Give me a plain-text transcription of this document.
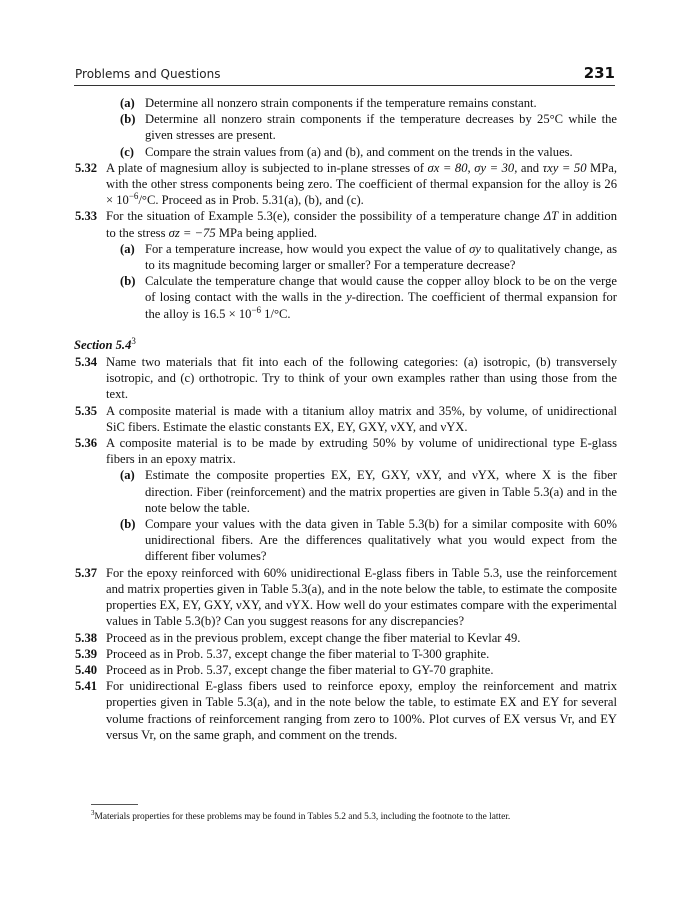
Problems and Questions	231
(a) Determine all nonzero strain components if the temperature remains constant.
(b) Determine all nonzero strain components if the temperature decreases by 25°C while the given stresses are present.
(c) Compare the strain values from (a) and (b), and comment on the trends in the values.
5.32 A plate of magnesium alloy is subjected to in-plane stresses of σx = 80, σy = 30, and τxy = 50 MPa, with the other stress components being zero. The coefficient of thermal expansion for the alloy is $26 \times 10^{-6}/^\circ C$. Proceed as in Prob. 5.31(a), (b), and (c).
5.33 For the situation of Example 5.3(e), consider the possibility of a temperature change ΔT in addition to the stress σz = −75 MPa being applied.
(a) For a temperature increase, how would you expect the value of σy to qualitatively change, as to its magnitude becoming larger or smaller? For a temperature decrease?
(b) Calculate the temperature change that would cause the copper alloy block to be on the verge of losing contact with the walls in the y-direction. The coefficient of thermal expansion for the alloy is $16.5 \times 10^{-6}$ 1/°C.
Section $5.4^3$
5.34 Name two materials that fit into each of the following categories: (a) isotropic, (b) transversely isotropic, and (c) orthotropic. Try to think of your own examples rather than using those from the text.
5.35 A composite material is made with a titanium alloy matrix and 35%, by volume, of unidirectional SiC fibers. Estimate the elastic constants EX, EY, GXY, νXY, and νYX.
5.36 A composite material is to be made by extruding 50% by volume of unidirectional type E-glass fibers in an epoxy matrix.
(a) Estimate the composite properties EX, EY, GXY, νXY, and νYX, where X is the fiber direction. Fiber (reinforcement) and the matrix properties are given in Table 5.3(a) and in the note below the table.
(b) Compare your values with the data given in Table 5.3(b) for a similar composite with 60% unidirectional fibers. Are the differences qualitatively what you would expect from the different fiber volumes?
5.37 For the epoxy reinforced with 60% unidirectional E-glass fibers in Table 5.3, use the reinforcement and matrix properties given in Table 5.3(a), and in the note below the table, to estimate the composite properties EX, EY, GXY, νXY, and νYX. How well do your estimates compare with the experimental values in Table 5.3(b)? Can you suggest reasons for any discrepancies?
5.38 Proceed as in the previous problem, except change the fiber material to Kevlar 49.
5.39 Proceed as in Prob. 5.37, except change the fiber material to T-300 graphite.
5.40 Proceed as in Prob. 5.37, except change the fiber material to GY-70 graphite.
5.41 For unidirectional E-glass fibers used to reinforce epoxy, employ the reinforcement and matrix properties given in Table 5.3(a), and in the note below the table, to estimate EX and EY for several volume fractions of reinforcement ranging from zero to 100%. Plot curves of EX versus Vr, and EY versus Vr, on the same graph, and comment on the trends.
$^3$Materials properties for these problems may be found in Tables 5.2 and 5.3, including the footnote to the latter.
